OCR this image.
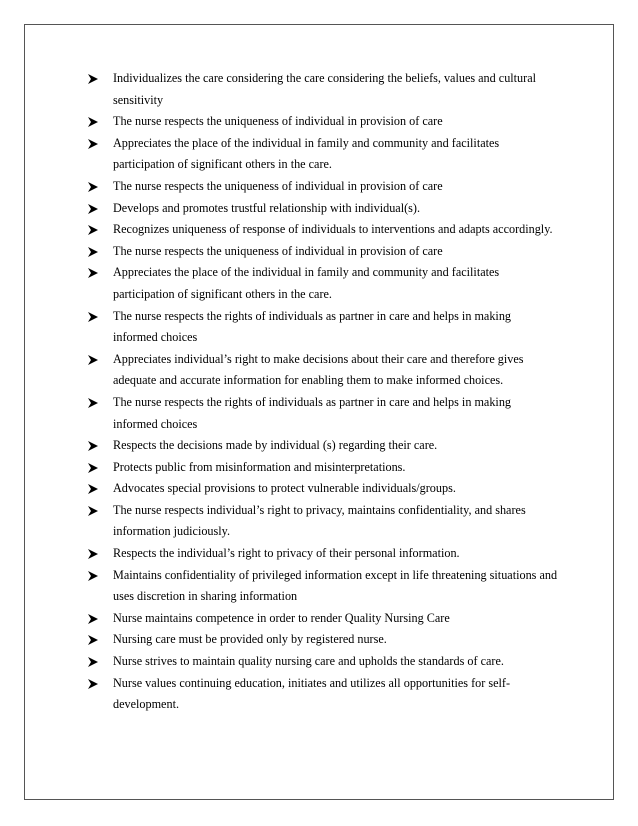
Individualizes the care considering the care considering the beliefs, values and cultural sensitivity
The nurse respects the uniqueness of individual in provision of care
Appreciates the place of the individual in family and community and facilitates participation of significant others in the care.
The nurse respects the uniqueness of individual in provision of care
Develops and promotes trustful relationship with individual(s).
Recognizes uniqueness of response of individuals to interventions and adapts accordingly.
The nurse respects the uniqueness of individual in provision of care
Appreciates the place of the individual in family and community and facilitates participation of significant others in the care.
The nurse respects the rights of individuals as partner in care and helps in making informed choices
Appreciates individual’s right to make decisions about their care and therefore gives adequate and accurate information for enabling them to make informed choices.
The nurse respects the rights of individuals as partner in care and helps in making informed choices
Respects the decisions made by individual (s) regarding their care.
Protects public from misinformation and misinterpretations.
Advocates special provisions to protect vulnerable individuals/groups.
The nurse respects individual’s right to privacy, maintains confidentiality, and shares information judiciously.
Respects the individual’s right to privacy of their personal information.
Maintains confidentiality of privileged information except in life threatening situations and uses discretion in sharing information
Nurse maintains competence in order to render Quality Nursing Care
Nursing care must be provided only by registered nurse.
Nurse strives to maintain quality nursing care and upholds the standards of care.
Nurse values continuing education, initiates and utilizes all opportunities for self-development.
